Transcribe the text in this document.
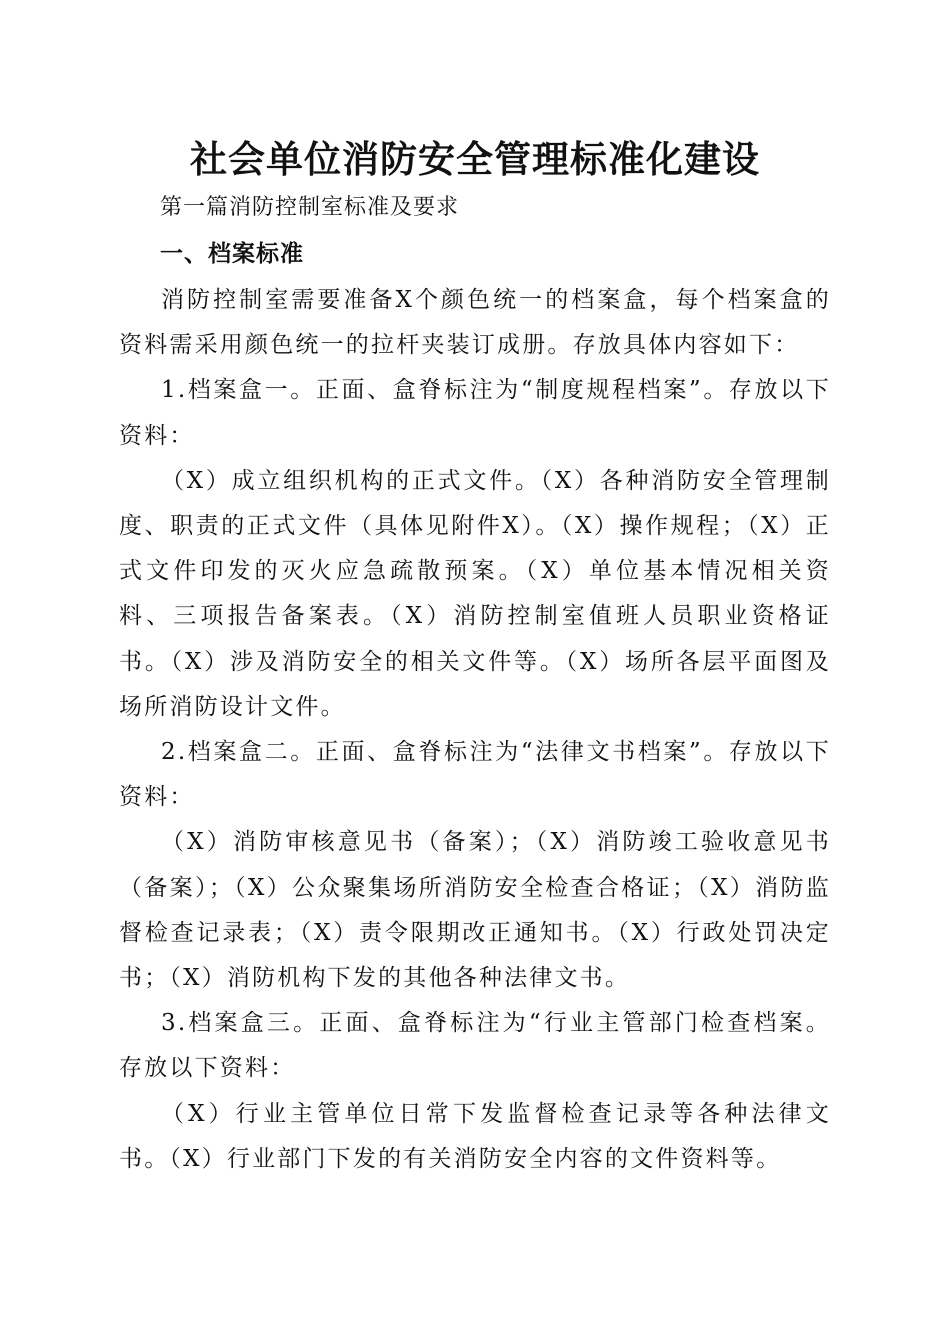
社会单位消防安全管理标准化建设

第一篇消防控制室标准及要求

一、档案标准

消防控制室需要准备X个颜色统一的档案盒，每个档案盒的资料需采用颜色统一的拉杆夹装订成册。存放具体内容如下：

1.档案盒一。正面、盒脊标注为“制度规程档案”。存放以下资料：

（X）成立组织机构的正式文件。（X）各种消防安全管理制度、职责的正式文件（具体见附件X）。（X）操作规程；（X）正式文件印发的灭火应急疏散预案。（X）单位基本情况相关资料、三项报告备案表。（X）消防控制室值班人员职业资格证书。（X）涉及消防安全的相关文件等。（X）场所各层平面图及场所消防设计文件。

2.档案盒二。正面、盒脊标注为“法律文书档案”。存放以下资料：

（X）消防审核意见书（备案）；（X）消防竣工验收意见书（备案）；（X）公众聚集场所消防安全检查合格证；（X）消防监督检查记录表；（X）责令限期改正通知书。（X）行政处罚决定书；（X）消防机构下发的其他各种法律文书。

3.档案盒三。正面、盒脊标注为“行业主管部门检查档案。存放以下资料：

（X）行业主管单位日常下发监督检查记录等各种法律文书。（X）行业部门下发的有关消防安全内容的文件资料等。
